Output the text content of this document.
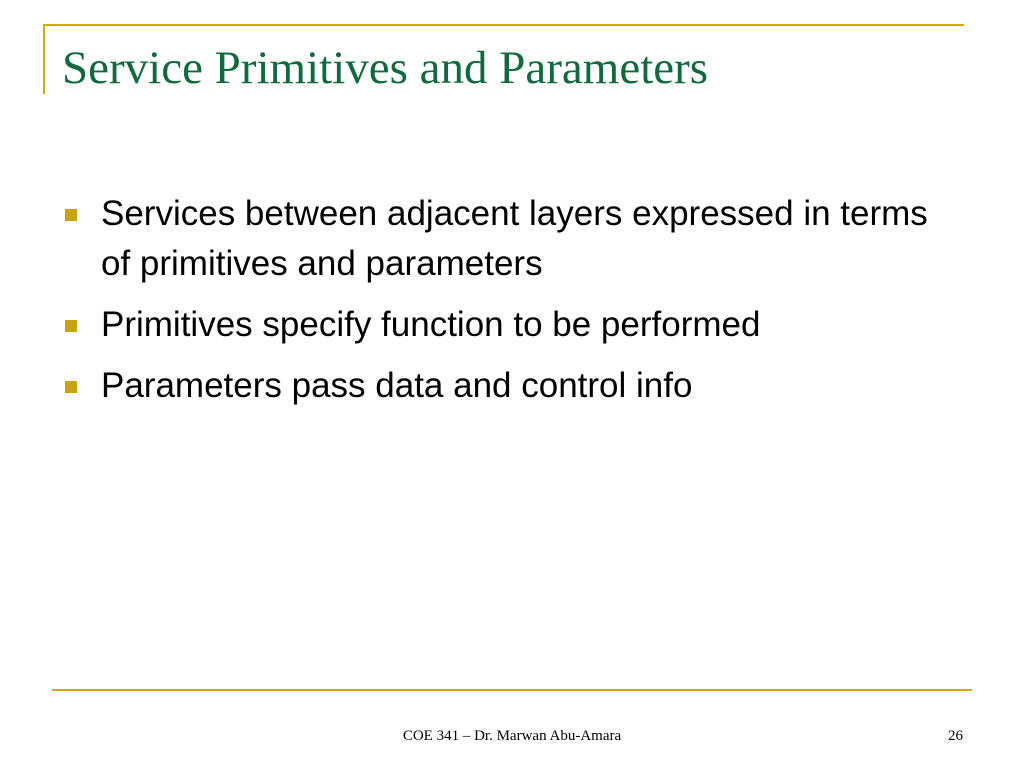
Service Primitives and Parameters
Services between adjacent layers expressed in terms of primitives and parameters
Primitives specify function to be performed
Parameters pass data and control info
COE 341 – Dr. Marwan Abu-Amara	26
